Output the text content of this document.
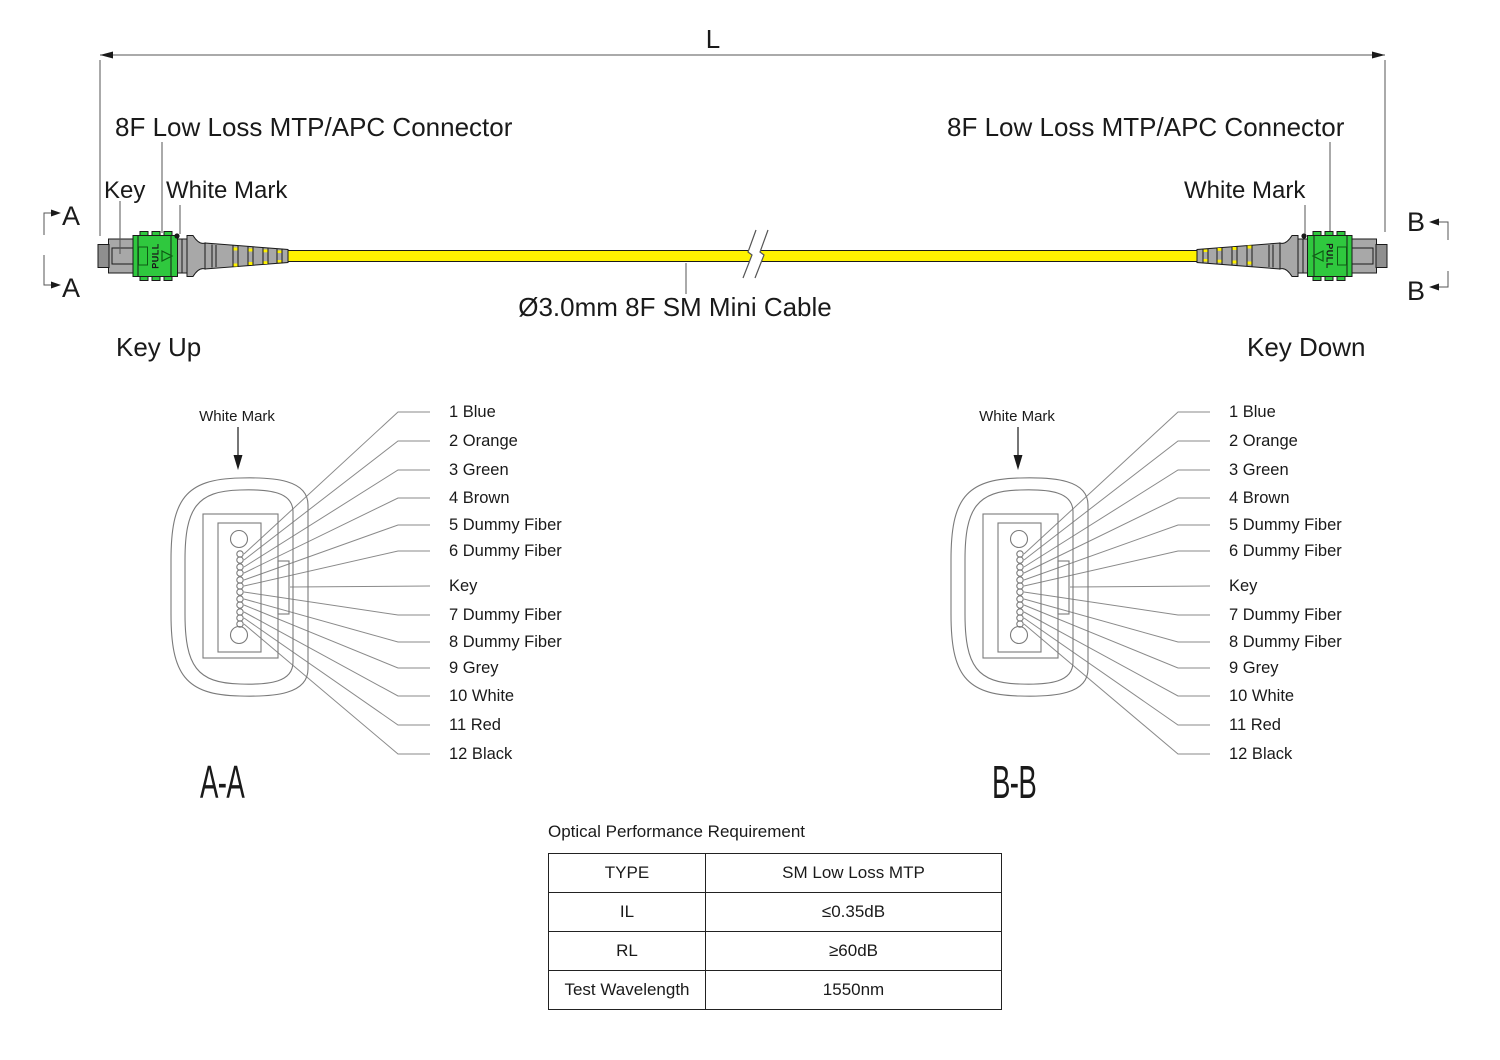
L
PULL	PULL
8F Low Loss MTP/APC Connector	8F Low Loss MTP/APC Connector
Key White Mark	White Mark
Ø3.0mm 8F SM Mini Cable
Key Up	Key Down
A
A
B
B
White Mark	1 Blue
2 Orange
3 Green
4 Brown
5 Dummy Fiber
6 Dummy Fiber
Key
7 Dummy Fiber
8 Dummy Fiber
9 Grey
10 White
11 Red
12 Black
White Mark	1 Blue
2 Orange
3 Green
4 Brown
5 Dummy Fiber
6 Dummy Fiber
Key
7 Dummy Fiber
8 Dummy Fiber
9 Grey
10 White
11 Red
12 Black
A-A	B-B
Optical Performance Requirement
TYPE	SM Low Loss MTP
IL	≤0.35dB
RL	≥60dB
Test Wavelength	1550nm
